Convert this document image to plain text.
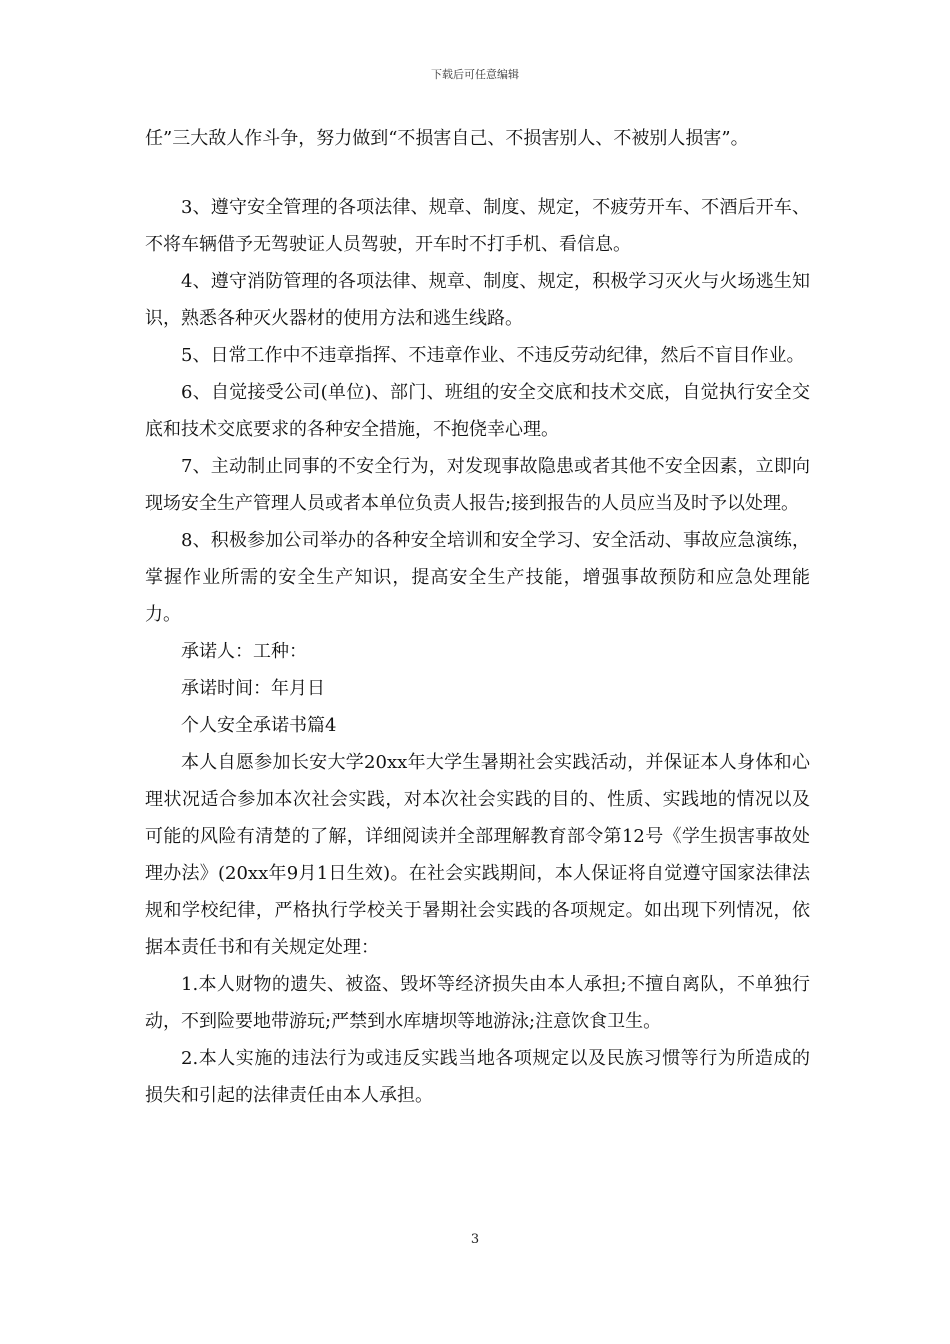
下载后可任意编辑

任”三大敌人作斗争，努力做到“不损害自己、不损害别人、不被别人损害”。

3、遵守安全管理的各项法律、规章、制度、规定，不疲劳开车、不酒后开车、不将车辆借予无驾驶证人员驾驶，开车时不打手机、看信息。

4、遵守消防管理的各项法律、规章、制度、规定，积极学习灭火与火场逃生知识，熟悉各种灭火器材的使用方法和逃生线路。

5、日常工作中不违章指挥、不违章作业、不违反劳动纪律，然后不盲目作业。

6、自觉接受公司(单位)、部门、班组的安全交底和技术交底，自觉执行安全交底和技术交底要求的各种安全措施，不抱侥幸心理。

7、主动制止同事的不安全行为，对发现事故隐患或者其他不安全因素，立即向现场安全生产管理人员或者本单位负责人报告;接到报告的人员应当及时予以处理。

8、积极参加公司举办的各种安全培训和安全学习、安全活动、事故应急演练，掌握作业所需的安全生产知识，提高安全生产技能，增强事故预防和应急处理能力。

承诺人：工种：

承诺时间：年月日

个人安全承诺书篇4

本人自愿参加长安大学20xx年大学生暑期社会实践活动，并保证本人身体和心理状况适合参加本次社会实践，对本次社会实践的目的、性质、实践地的情况以及可能的风险有清楚的了解，详细阅读并全部理解教育部令第12号《学生损害事故处理办法》(20xx年9月1日生效)。在社会实践期间，本人保证将自觉遵守国家法律法规和学校纪律，严格执行学校关于暑期社会实践的各项规定。如出现下列情况，依据本责任书和有关规定处理：

1.本人财物的遗失、被盗、毁坏等经济损失由本人承担;不擅自离队，不单独行动，不到险要地带游玩;严禁到水库塘坝等地游泳;注意饮食卫生。

2.本人实施的违法行为或违反实践当地各项规定以及民族习惯等行为所造成的损失和引起的法律责任由本人承担。

3
